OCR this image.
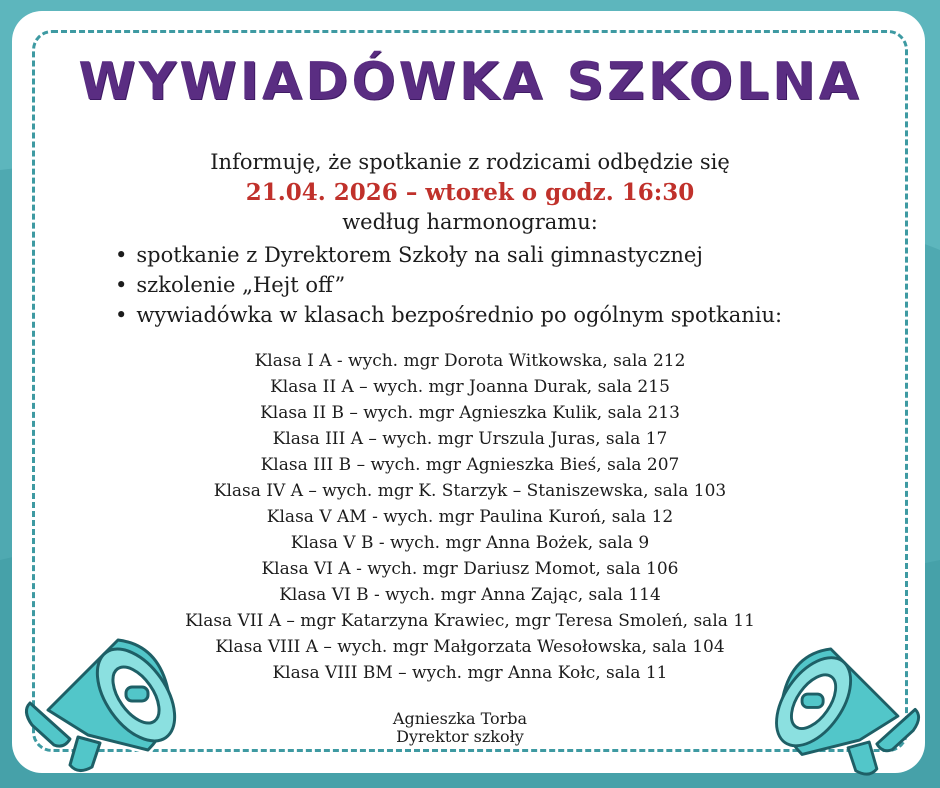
WYWIADÓWKA SZKOLNA
Informuję, że spotkanie z rodzicami odbędzie się
21.04. 2026 – wtorek o godz. 16:30
według harmonogramu:
• spotkanie z Dyrektorem Szkoły na sali gimnastycznej
• szkolenie „Hejt off”
• wywiadówka w klasach bezpośrednio po ogólnym spotkaniu:
Klasa I A - wych. mgr Dorota Witkowska, sala 212
Klasa II A – wych. mgr Joanna Durak, sala 215
Klasa II B – wych. mgr Agnieszka Kulik, sala 213
Klasa III A – wych. mgr Urszula Juras, sala 17
Klasa III B – wych. mgr Agnieszka Bieś, sala 207
Klasa IV A – wych. mgr K. Starzyk – Staniszewska, sala 103
Klasa V AM - wych. mgr Paulina Kuroń, sala 12
Klasa V B - wych. mgr Anna Bożek, sala 9
Klasa VI A - wych. mgr Dariusz Momot, sala 106
Klasa VI B - wych. mgr Anna Zając, sala 114
Klasa VII A – mgr Katarzyna Krawiec, mgr Teresa Smoleń, sala 11
Klasa VIII A – wych. mgr Małgorzata Wesołowska, sala 104
Klasa VIII BM – wych. mgr Anna Kołc, sala 11
Agnieszka Torba
Dyrektor szkoły
